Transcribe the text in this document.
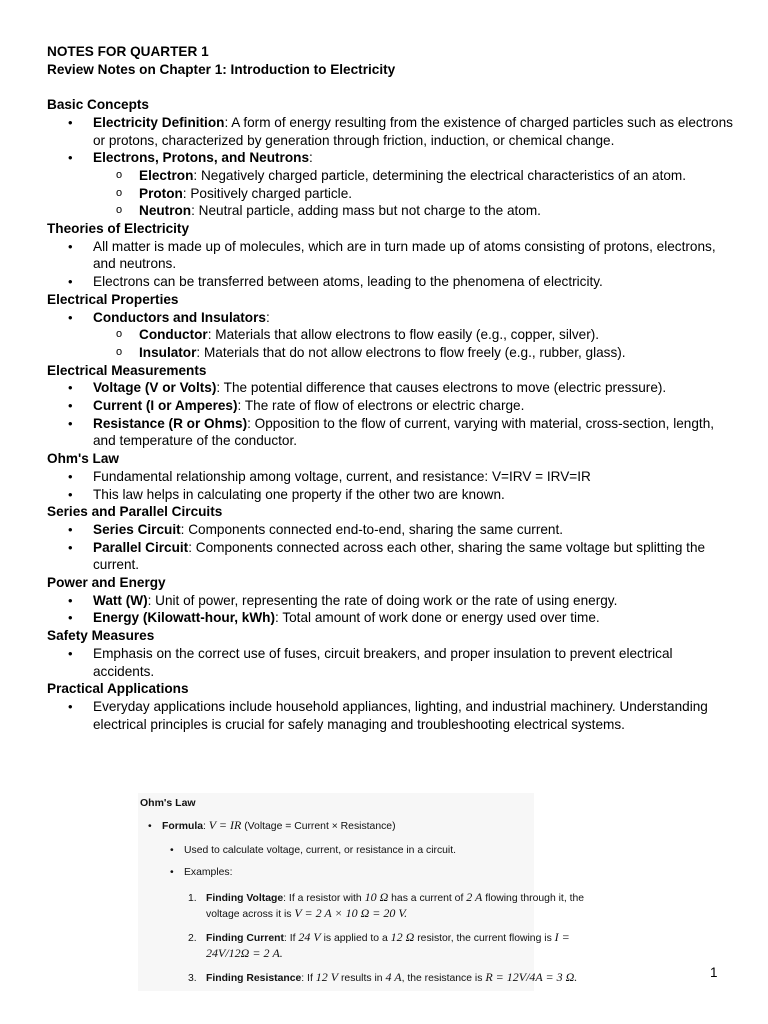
NOTES FOR QUARTER 1
Review Notes on Chapter 1: Introduction to Electricity
Basic Concepts
• Electricity Definition: A form of energy resulting from the existence of charged particles such as electrons or protons, characterized by generation through friction, induction, or chemical change.
• Electrons, Protons, and Neutrons:
o Electron: Negatively charged particle, determining the electrical characteristics of an atom.
o Proton: Positively charged particle.
o Neutron: Neutral particle, adding mass but not charge to the atom.
Theories of Electricity
• All matter is made up of molecules, which are in turn made up of atoms consisting of protons, electrons, and neutrons.
• Electrons can be transferred between atoms, leading to the phenomena of electricity.
Electrical Properties
• Conductors and Insulators:
o Conductor: Materials that allow electrons to flow easily (e.g., copper, silver).
o Insulator: Materials that do not allow electrons to flow freely (e.g., rubber, glass).
Electrical Measurements
• Voltage (V or Volts): The potential difference that causes electrons to move (electric pressure).
• Current (I or Amperes): The rate of flow of electrons or electric charge.
• Resistance (R or Ohms): Opposition to the flow of current, varying with material, cross-section, length, and temperature of the conductor.
Ohm's Law
• Fundamental relationship among voltage, current, and resistance: V=IRV = IRV=IR
• This law helps in calculating one property if the other two are known.
Series and Parallel Circuits
• Series Circuit: Components connected end-to-end, sharing the same current.
• Parallel Circuit: Components connected across each other, sharing the same voltage but splitting the current.
Power and Energy
• Watt (W): Unit of power, representing the rate of doing work or the rate of using energy.
• Energy (Kilowatt-hour, kWh): Total amount of work done or energy used over time.
Safety Measures
• Emphasis on the correct use of fuses, circuit breakers, and proper insulation to prevent electrical accidents.
Practical Applications
• Everyday applications include household appliances, lighting, and industrial machinery. Understanding electrical principles is crucial for safely managing and troubleshooting electrical systems.
Ohm's Law
• Formula: V = IR (Voltage = Current × Resistance)
• Used to calculate voltage, current, or resistance in a circuit.
• Examples:
1. Finding Voltage: If a resistor with 10 Ω has a current of 2 A flowing through it, the
voltage across it is V = 2 A × 10 Ω = 20 V.
2. Finding Current: If 24 V is applied to a 12 Ω resistor, the current flowing is I =
24V/12Ω = 2 A.
3. Finding Resistance: If 12 V results in 4 A, the resistance is R = 12V/4A = 3 Ω.	1
